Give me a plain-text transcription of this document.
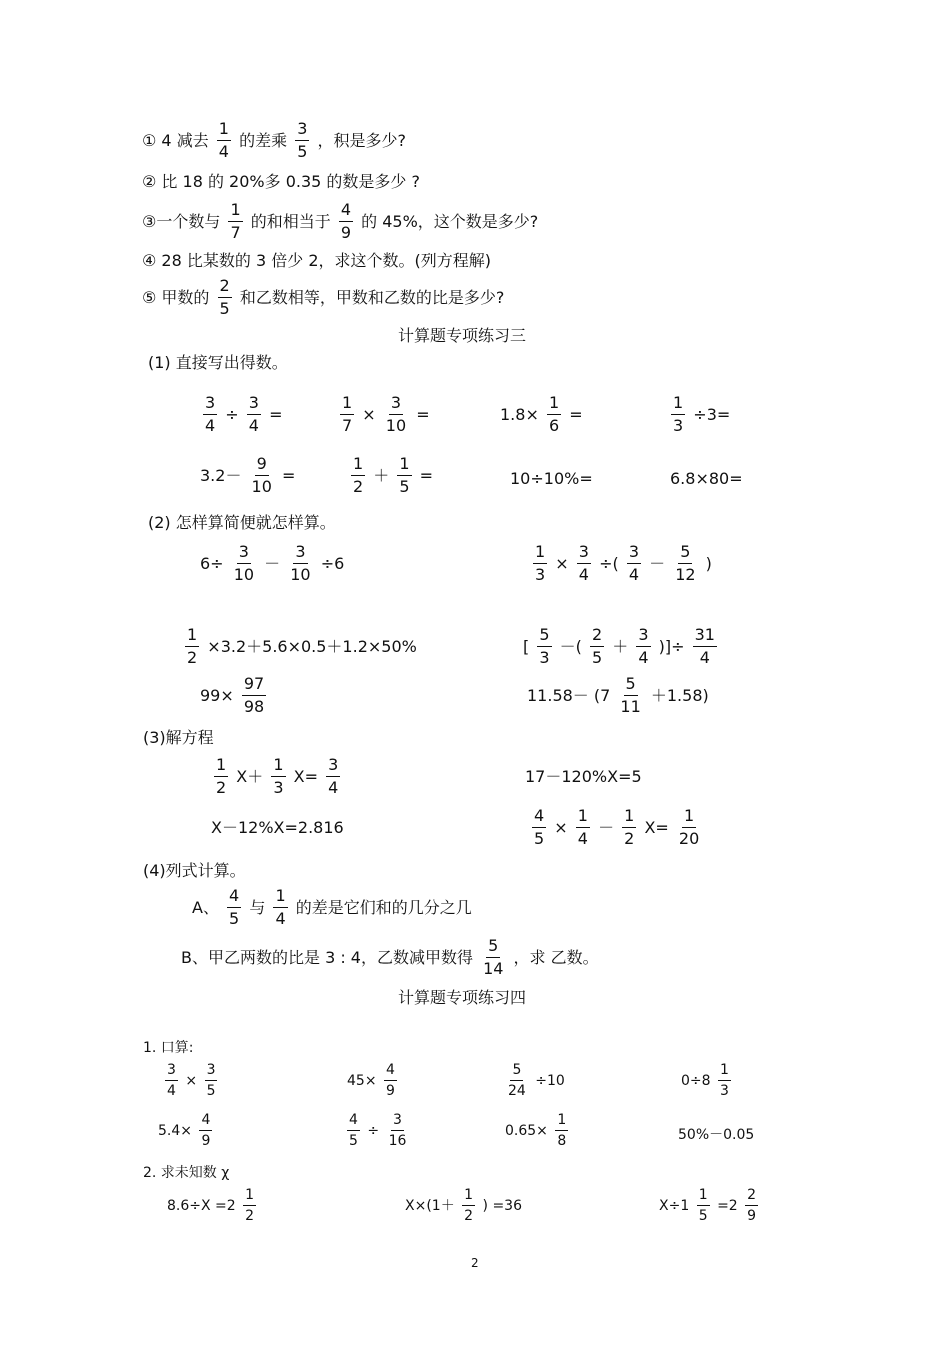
① 4 减去 $\frac{1}{4}$ 的差乘 $\frac{3}{5}$ ，积是多少?
② 比 18 的 20%多 0.35 的数是多少 ?
③一个数与 $\frac{1}{7}$ 的和相当于 $\frac{4}{9}$ 的 45%，这个数是多少?
④ 28 比某数的 3 倍少 2，求这个数。(列方程解)
⑤ 甲数的 $\frac{2}{5}$ 和乙数相等，甲数和乙数的比是多少?
计算题专项练习三
(1) 直接写出得数。
$\frac{3}{4} \div \frac{3}{4}$ =	$\frac{1}{7} \times \frac{3}{10}$ =	$1.8\times \frac{1}{6}$ =	$\frac{1}{3} \div 3=$
$3.2- \frac{9}{10}$ =	$\frac{1}{2} + \frac{1}{5}$ =	10÷10%=	6.8×80=
(2) 怎样算简便就怎样算。
$6\div \frac{3}{10} - \frac{3}{10} \div 6$	$\frac{1}{3} \times \frac{3}{4}$ ÷( $\frac{3}{4} - \frac{5}{12}$ )
$\frac{1}{2} \times 3.2+5.6\times 0.5+1.2\times 50\%$	[ $\frac{5}{3}$ －( $\frac{2}{5} + \frac{3}{4}$ )]÷ $\frac{31}{4}$
$99\times \frac{97}{98}$	$11.58- (7 \frac{5}{11} +1.58)$
(3)解方程
$\frac{1}{2} X+ \frac{1}{3} X= \frac{3}{4}$	17－120%X=5
X－12%X=2.816	$\frac{4}{5} \times \frac{1}{4} - \frac{1}{2} X= \frac{1}{20}$
(4)列式计算。
A、 $\frac{4}{5}$ 与 $\frac{1}{4}$ 的差是它们和的几分之几
B、甲乙两数的比是 3 : 4，乙数减甲数得 $\frac{5}{14}$ ，求 乙数。
计算题专项练习四
1. 口算:
$\frac{3}{4} \times \frac{3}{5}$	$45\times \frac{4}{9}$	$\frac{5}{24} \div 10$	$0\div 8 \frac{1}{3}$
$5.4\times \frac{4}{9}$	$\frac{4}{5} \div \frac{3}{16}$	$0.65\times \frac{1}{8}$	50%－0.05
2. 求未知数 χ
$8.6\div X =2 \frac{1}{2}$	$X\times(1+ \frac{1}{2}$ ) =36	$X\div 1 \frac{1}{5} =2 \frac{2}{9}$
2
